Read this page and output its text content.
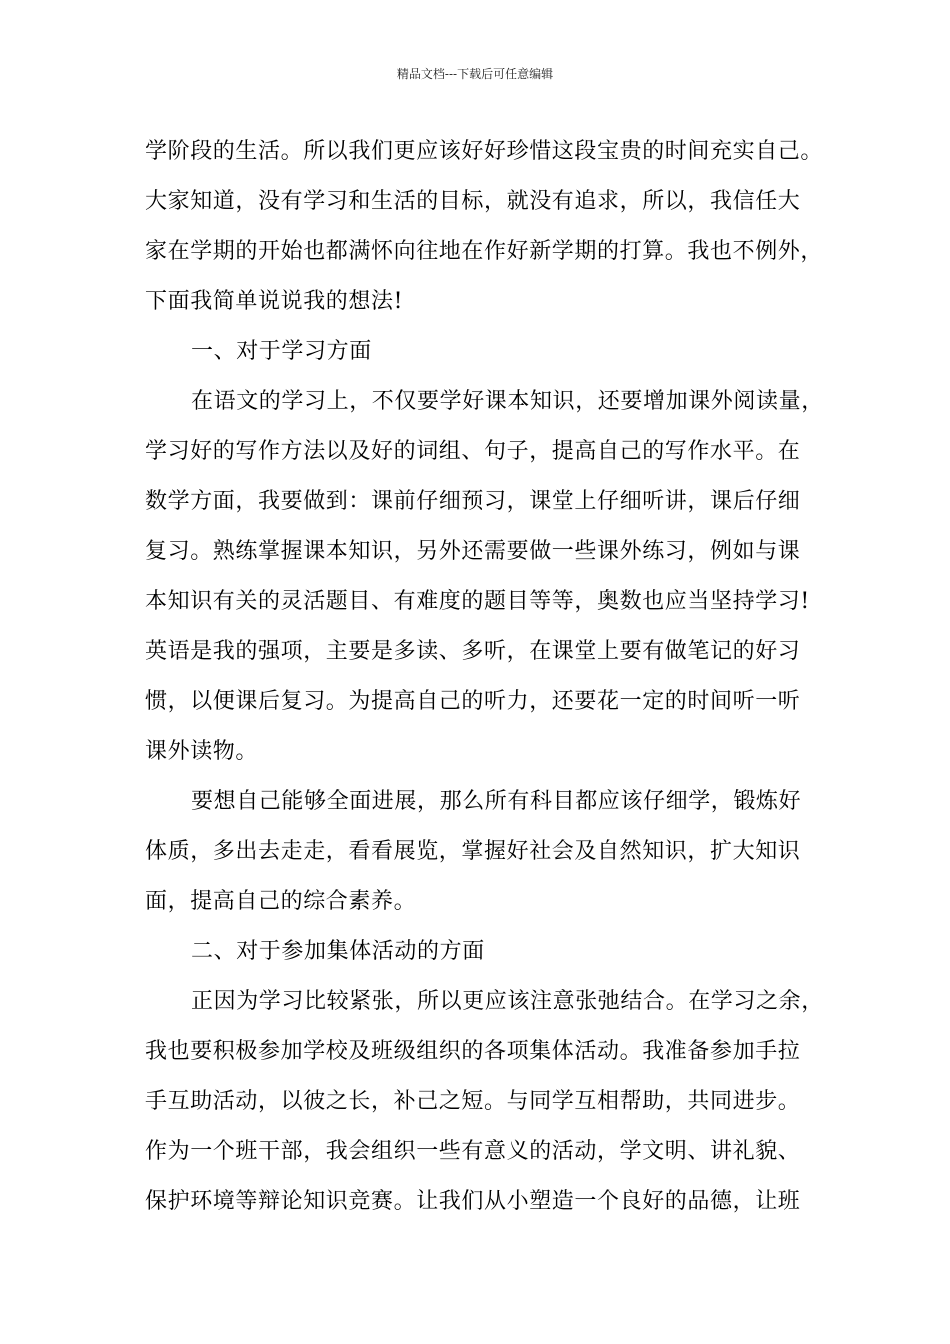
精品文档---下载后可任意编辑
学阶段的生活。所以我们更应该好好珍惜这段宝贵的时间充实自己。
大家知道，没有学习和生活的目标，就没有追求，所以，我信任大
家在学期的开始也都满怀向往地在作好新学期的打算。我也不例外，
下面我简单说说我的想法!
一、对于学习方面
在语文的学习上，不仅要学好课本知识，还要增加课外阅读量，
学习好的写作方法以及好的词组、句子，提高自己的写作水平。在
数学方面，我要做到：课前仔细预习，课堂上仔细听讲，课后仔细
复习。熟练掌握课本知识，另外还需要做一些课外练习，例如与课
本知识有关的灵活题目、有难度的题目等等，奥数也应当坚持学习!
英语是我的强项，主要是多读、多听，在课堂上要有做笔记的好习
惯，以便课后复习。为提高自己的听力，还要花一定的时间听一听
课外读物。
要想自己能够全面进展，那么所有科目都应该仔细学，锻炼好
体质，多出去走走，看看展览，掌握好社会及自然知识，扩大知识
面，提高自己的综合素养。
二、对于参加集体活动的方面
正因为学习比较紧张，所以更应该注意张弛结合。在学习之余，
我也要积极参加学校及班级组织的各项集体活动。我准备参加手拉
手互助活动，以彼之长，补己之短。与同学互相帮助，共同进步。
作为一个班干部，我会组织一些有意义的活动，学文明、讲礼貌、
保护环境等辩论知识竞赛。让我们从小塑造一个良好的品德，让班
